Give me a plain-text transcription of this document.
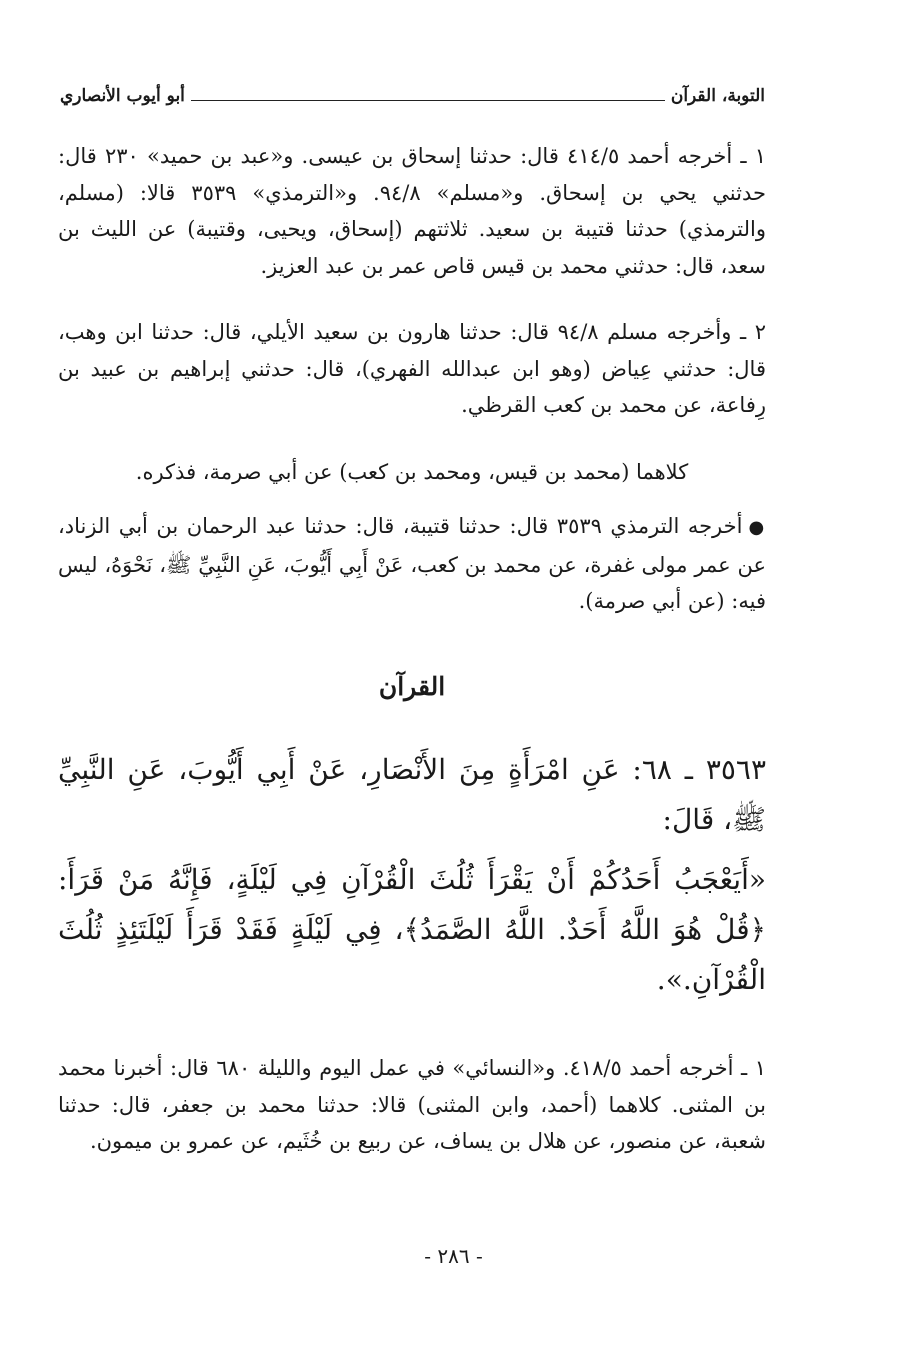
التوبة، القرآن
أبو أيوب الأنصاري
١ ـ أخرجه أحمد ٤١٤/٥ قال: حدثنا إسحاق بن عيسى. و«عبد بن حميد» ٢٣٠ قال: حدثني يحي بن إسحاق. و«مسلم» ٩٤/٨. و«الترمذي» ٣٥٣٩ قالا: (مسلم، والترمذي) حدثنا قتيبة بن سعيد. ثلاثتهم (إسحاق، ويحيى، وقتيبة) عن الليث بن سعد، قال: حدثني محمد بن قيس قاص عمر بن عبد العزيز.
٢ ـ وأخرجه مسلم ٩٤/٨ قال: حدثنا هارون بن سعيد الأيلي، قال: حدثنا ابن وهب، قال: حدثني عِياض (وهو ابن عبدالله الفهري)، قال: حدثني إبراهيم بن عبيد بن رِفاعة، عن محمد بن كعب القرظي.
كلاهما (محمد بن قيس، ومحمد بن كعب) عن أبي صرمة، فذكره.
●أخرجه الترمذي ٣٥٣٩ قال: حدثنا قتيبة، قال: حدثنا عبد الرحمان بن أبي الزناد، عن عمر مولى غفرة، عن محمد بن كعب، عَنْ أَبِي أَيُّوبَ، عَنِ النَّبِيِّ ﷺ، نَحْوَهُ، ليس فيه: (عن أبي صرمة).
القرآن

٣٥٦٣ ـ ٦٨: عَنِ امْرَأَةٍ مِنَ الأَنْصَارِ، عَنْ أَبِي أَيُّوبَ، عَنِ النَّبِيِّ ﷺ، قَالَ:

«أَيَعْجَبُ أَحَدُكُمْ أَنْ يَقْرَأَ ثُلُثَ الْقُرْآنِ فِي لَيْلَةٍ، فَإِنَّهُ مَنْ قَرَأَ: ﴿قُلْ هُوَ اللَّهُ أَحَدٌ. اللَّهُ الصَّمَدُ﴾، فِي لَيْلَةٍ فَقَدْ قَرَأَ لَيْلَتَئِذٍ ثُلُثَ الْقُرْآنِ.».

١ ـ أخرجه أحمد ٤١٨/٥. و«النسائي» في عمل اليوم والليلة ٦٨٠ قال: أخبرنا محمد بن المثنى. كلاهما (أحمد، وابن المثنى) قالا: حدثنا محمد بن جعفر، قال: حدثنا شعبة، عن منصور، عن هلال بن يساف، عن ربيع بن خُثَيم، عن عمرو بن ميمون.
- ٢٨٦ -
